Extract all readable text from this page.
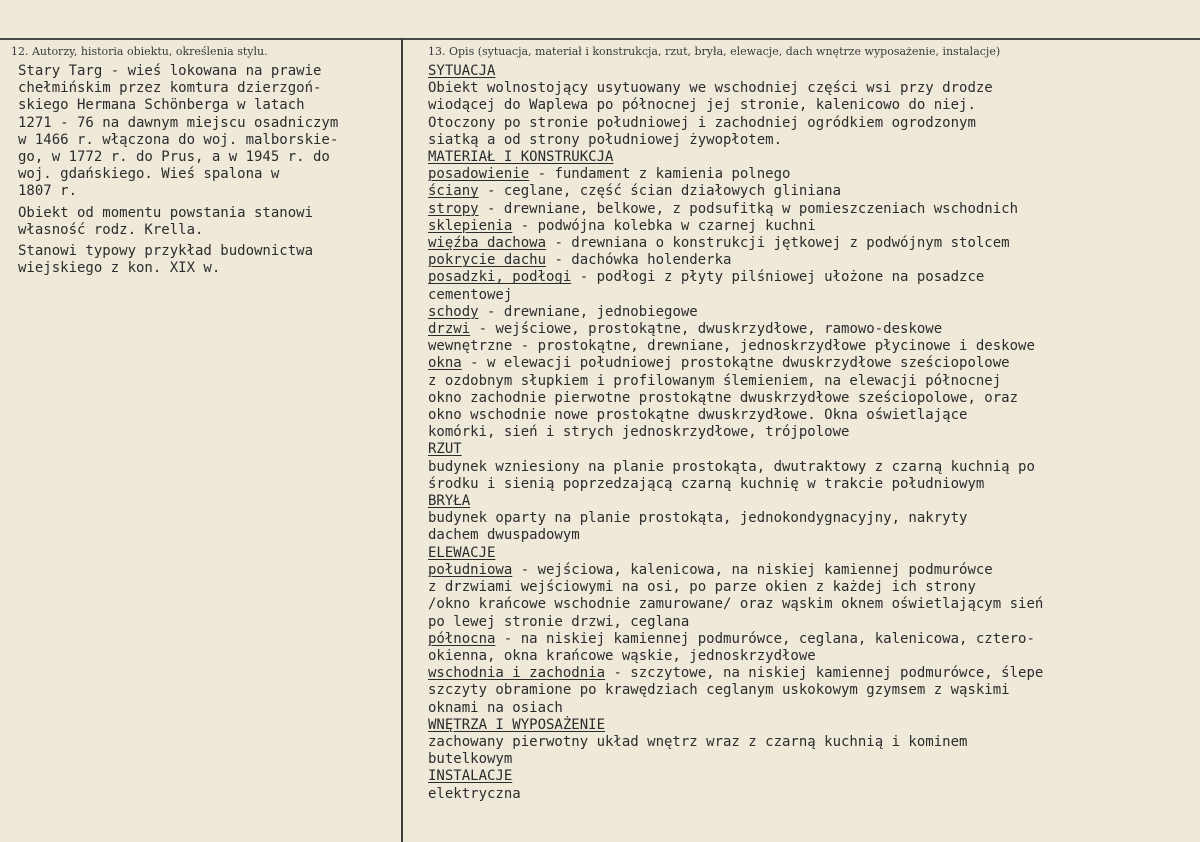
12. Autorzy, historia obiektu, określenia stylu.	13. Opis (sytuacja, materiał i konstrukcja, rzut, bryła, elewacje, dach wnętrze wyposażenie, instalacje)

Stary Targ - wieś lokowana na prawie
chełmińskim przez komtura dzierzgoń-
skiego Hermana Schönberga w latach
1271 - 76 na dawnym miejscu osadniczym
w 1466 r. włączona do woj. malborskie-
go, w 1772 r. do Prus, a w 1945 r. do
woj. gdańskiego. Wieś spalona w
1807 r.
Obiekt od momentu powstania stanowi
własność rodz. Krella.
Stanowi typowy przykład budownictwa
wiejskiego z kon. XIX w.
SYTUACJA
Obiekt wolnostojący usytuowany we wschodniej części wsi przy drodze
wiodącej do Waplewa po północnej jej stronie, kalenicowo do niej.
Otoczony po stronie południowej i zachodniej ogródkiem ogrodzonym
siatką a od strony południowej żywopłotem.
MATERIAŁ I KONSTRUKCJA
posadowienie - fundament z kamienia polnego
ściany - ceglane, część ścian działowych gliniana
stropy - drewniane, belkowe, z podsufitką w pomieszczeniach wschodnich
sklepienia - podwójna kolebka w czarnej kuchni
więźba dachowa - drewniana o konstrukcji jętkowej z podwójnym stolcem
pokrycie dachu - dachówka holenderka
posadzki, podłogi - podłogi z płyty pilśniowej ułożone na posadzce
cementowej
schody - drewniane, jednobiegowe
drzwi - wejściowe, prostokątne, dwuskrzydłowe, ramowo-deskowe
wewnętrzne - prostokątne, drewniane, jednoskrzydłowe płycinowe i deskowe
okna - w elewacji południowej prostokątne dwuskrzydłowe sześciopolowe
z ozdobnym słupkiem i profilowanym ślemieniem, na elewacji północnej
okno zachodnie pierwotne prostokątne dwuskrzydłowe sześciopolowe, oraz
okno wschodnie nowe prostokątne dwuskrzydłowe. Okna oświetlające
komórki, sień i strych jednoskrzydłowe, trójpolowe
RZUT
budynek wzniesiony na planie prostokąta, dwutraktowy z czarną kuchnią po
środku i sienią poprzedzającą czarną kuchnię w trakcie południowym
BRYŁA
budynek oparty na planie prostokąta, jednokondygnacyjny, nakryty
dachem dwuspadowym
ELEWACJE
południowa - wejściowa, kalenicowa, na niskiej kamiennej podmurówce
z drzwiami wejściowymi na osi, po parze okien z każdej ich strony
/okno krańcowe wschodnie zamurowane/ oraz wąskim oknem oświetlającym sień
po lewej stronie drzwi, ceglana
północna - na niskiej kamiennej podmurówce, ceglana, kalenicowa, cztero-
okienna, okna krańcowe wąskie, jednoskrzydłowe
wschodnia i zachodnia - szczytowe, na niskiej kamiennej podmurówce, ślepe
szczyty obramione po krawędziach ceglanym uskokowym gzymsem z wąskimi
oknami na osiach
WNĘTRZA I WYPOSAŻENIE
zachowany pierwotny układ wnętrz wraz z czarną kuchnią i kominem
butelkowym
INSTALACJE
elektryczna
